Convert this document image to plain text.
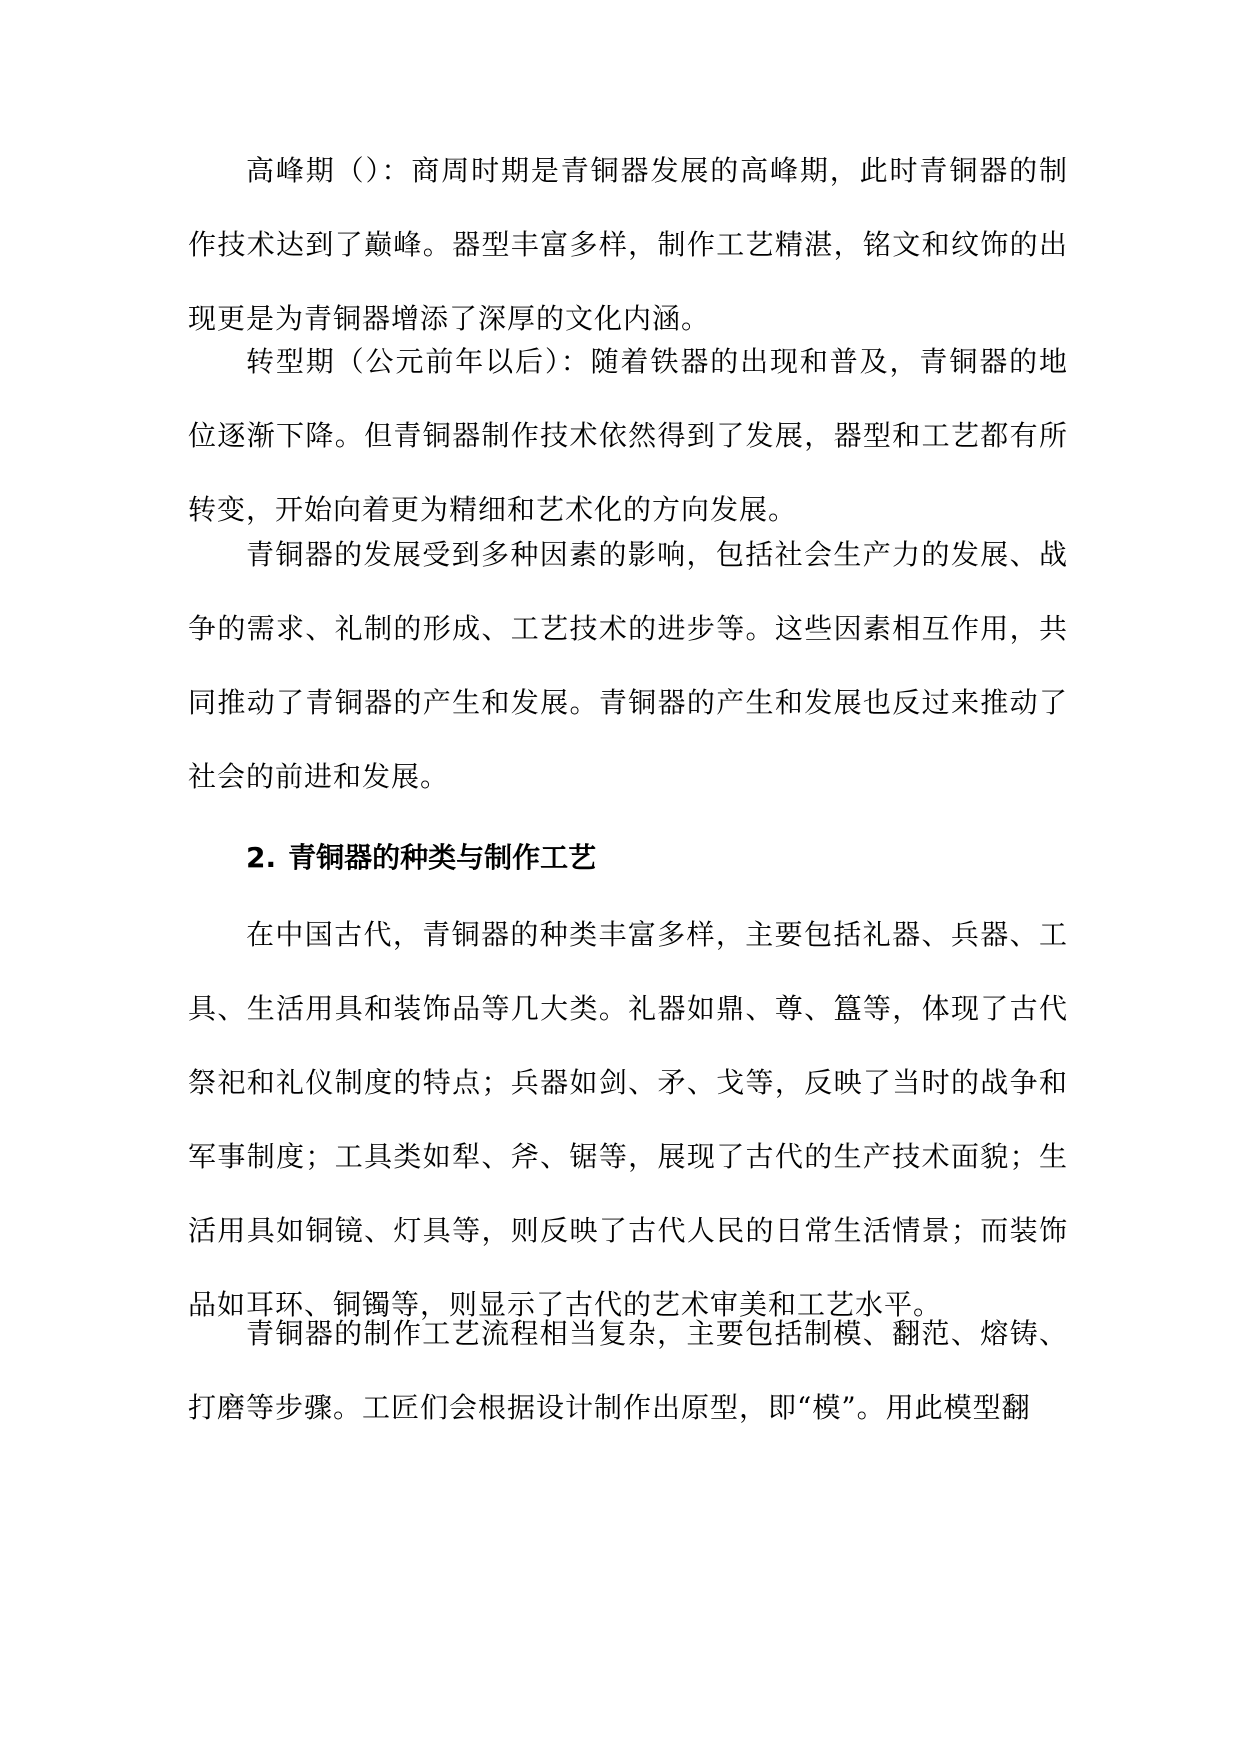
高峰期（）：商周时期是青铜器发展的高峰期，此时青铜器的制作技术达到了巅峰。器型丰富多样，制作工艺精湛，铭文和纹饰的出现更是为青铜器增添了深厚的文化内涵。

转型期（公元前年以后）：随着铁器的出现和普及，青铜器的地位逐渐下降。但青铜器制作技术依然得到了发展，器型和工艺都有所转变，开始向着更为精细和艺术化的方向发展。

青铜器的发展受到多种因素的影响，包括社会生产力的发展、战争的需求、礼制的形成、工艺技术的进步等。这些因素相互作用，共同推动了青铜器的产生和发展。青铜器的产生和发展也反过来推动了社会的前进和发展。

2. 青铜器的种类与制作工艺

在中国古代，青铜器的种类丰富多样，主要包括礼器、兵器、工具、生活用具和装饰品等几大类。礼器如鼎、尊、簋等，体现了古代祭祀和礼仪制度的特点；兵器如剑、矛、戈等，反映了当时的战争和军事制度；工具类如犁、斧、锯等，展现了古代的生产技术面貌；生活用具如铜镜、灯具等，则反映了古代人民的日常生活情景；而装饰品如耳环、铜镯等，则显示了古代的艺术审美和工艺水平。

青铜器的制作工艺流程相当复杂，主要包括制模、翻范、熔铸、打磨等步骤。工匠们会根据设计制作出原型，即“模”。用此模型翻
